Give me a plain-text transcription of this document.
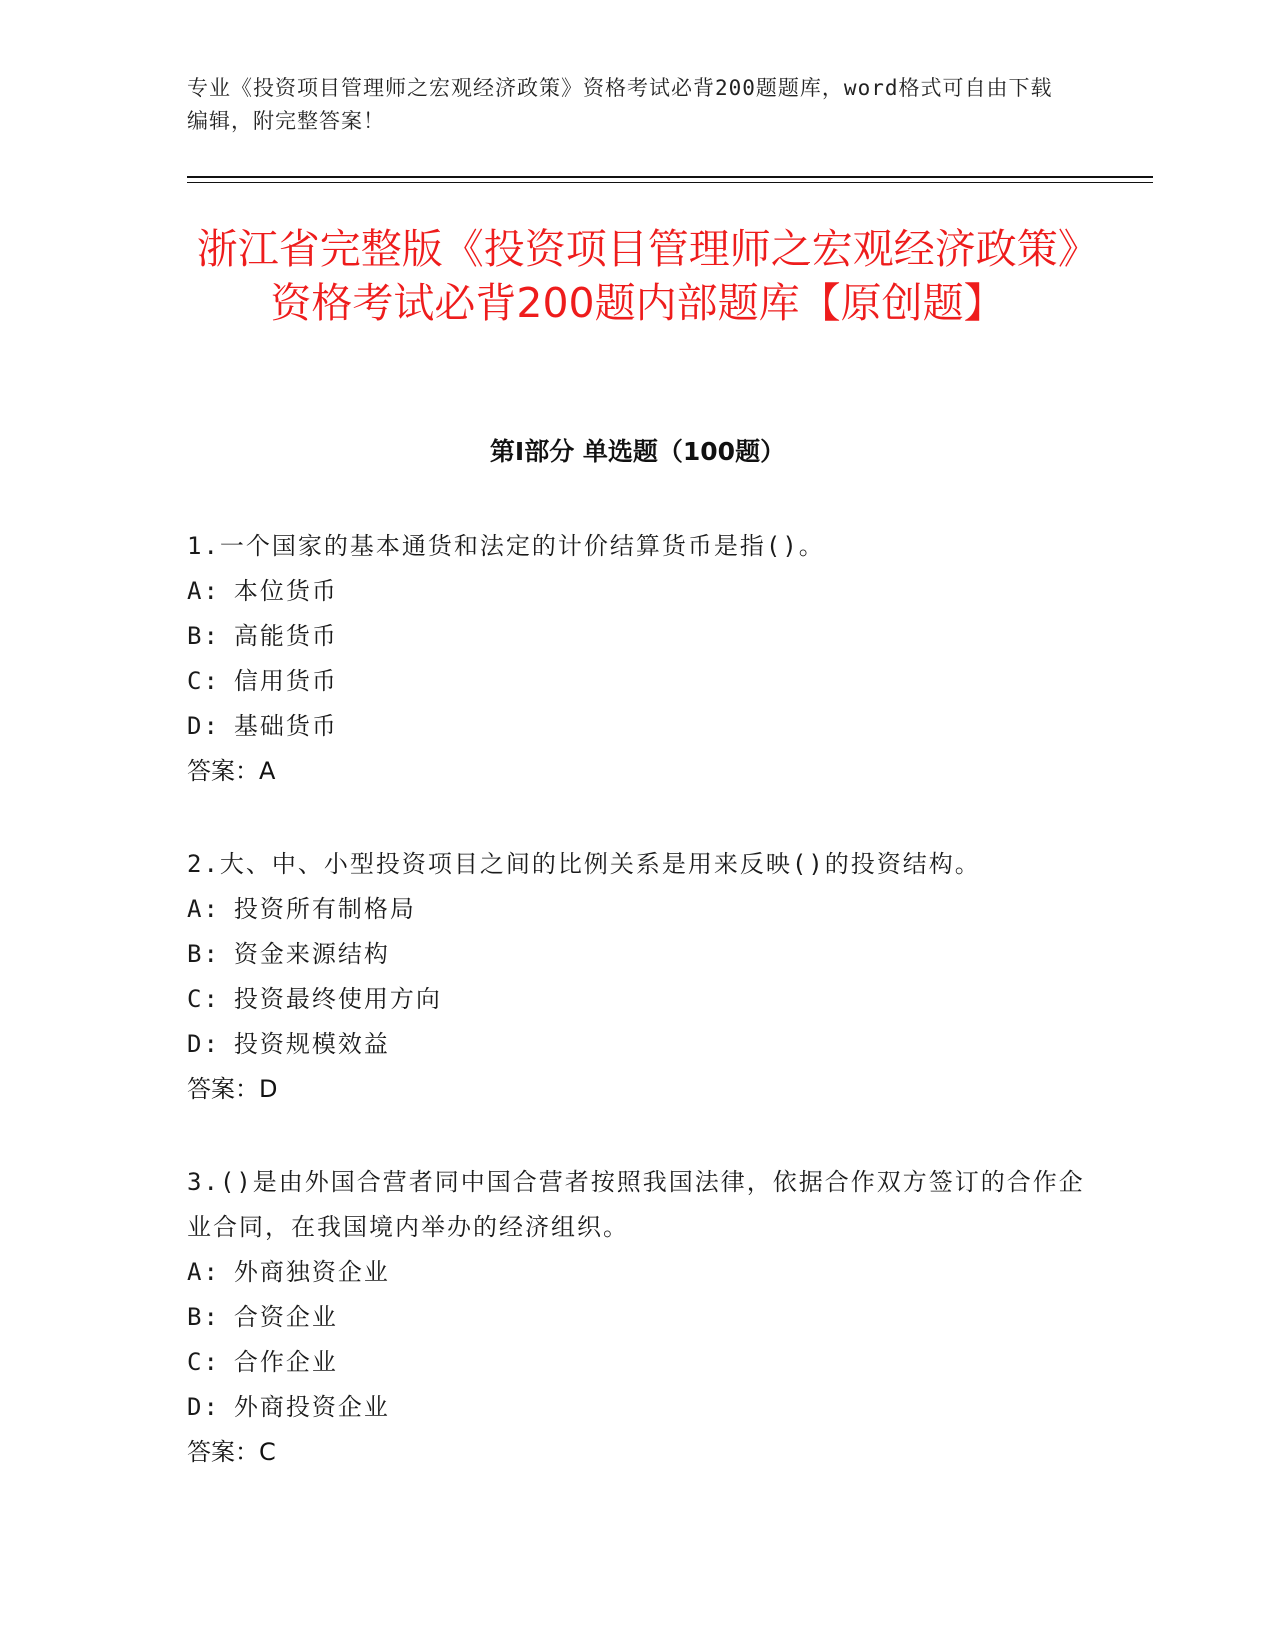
专业《投资项目管理师之宏观经济政策》资格考试必背200题题库，word格式可自由下载编辑，附完整答案！
浙江省完整版《投资项目管理师之宏观经济政策》资格考试必背200题内部题库【原创题】
第I部分 单选题（100题）

1.一个国家的基本通货和法定的计价结算货币是指()。

A: 本位货币

B: 高能货币

C: 信用货币

D: 基础货币

答案：A

2.大、中、小型投资项目之间的比例关系是用来反映()的投资结构。

A: 投资所有制格局

B: 资金来源结构

C: 投资最终使用方向

D: 投资规模效益

答案：D

3.()是由外国合营者同中国合营者按照我国法律，依据合作双方签订的合作企业合同，在我国境内举办的经济组织。

A: 外商独资企业

B: 合资企业

C: 合作企业

D: 外商投资企业

答案：C
